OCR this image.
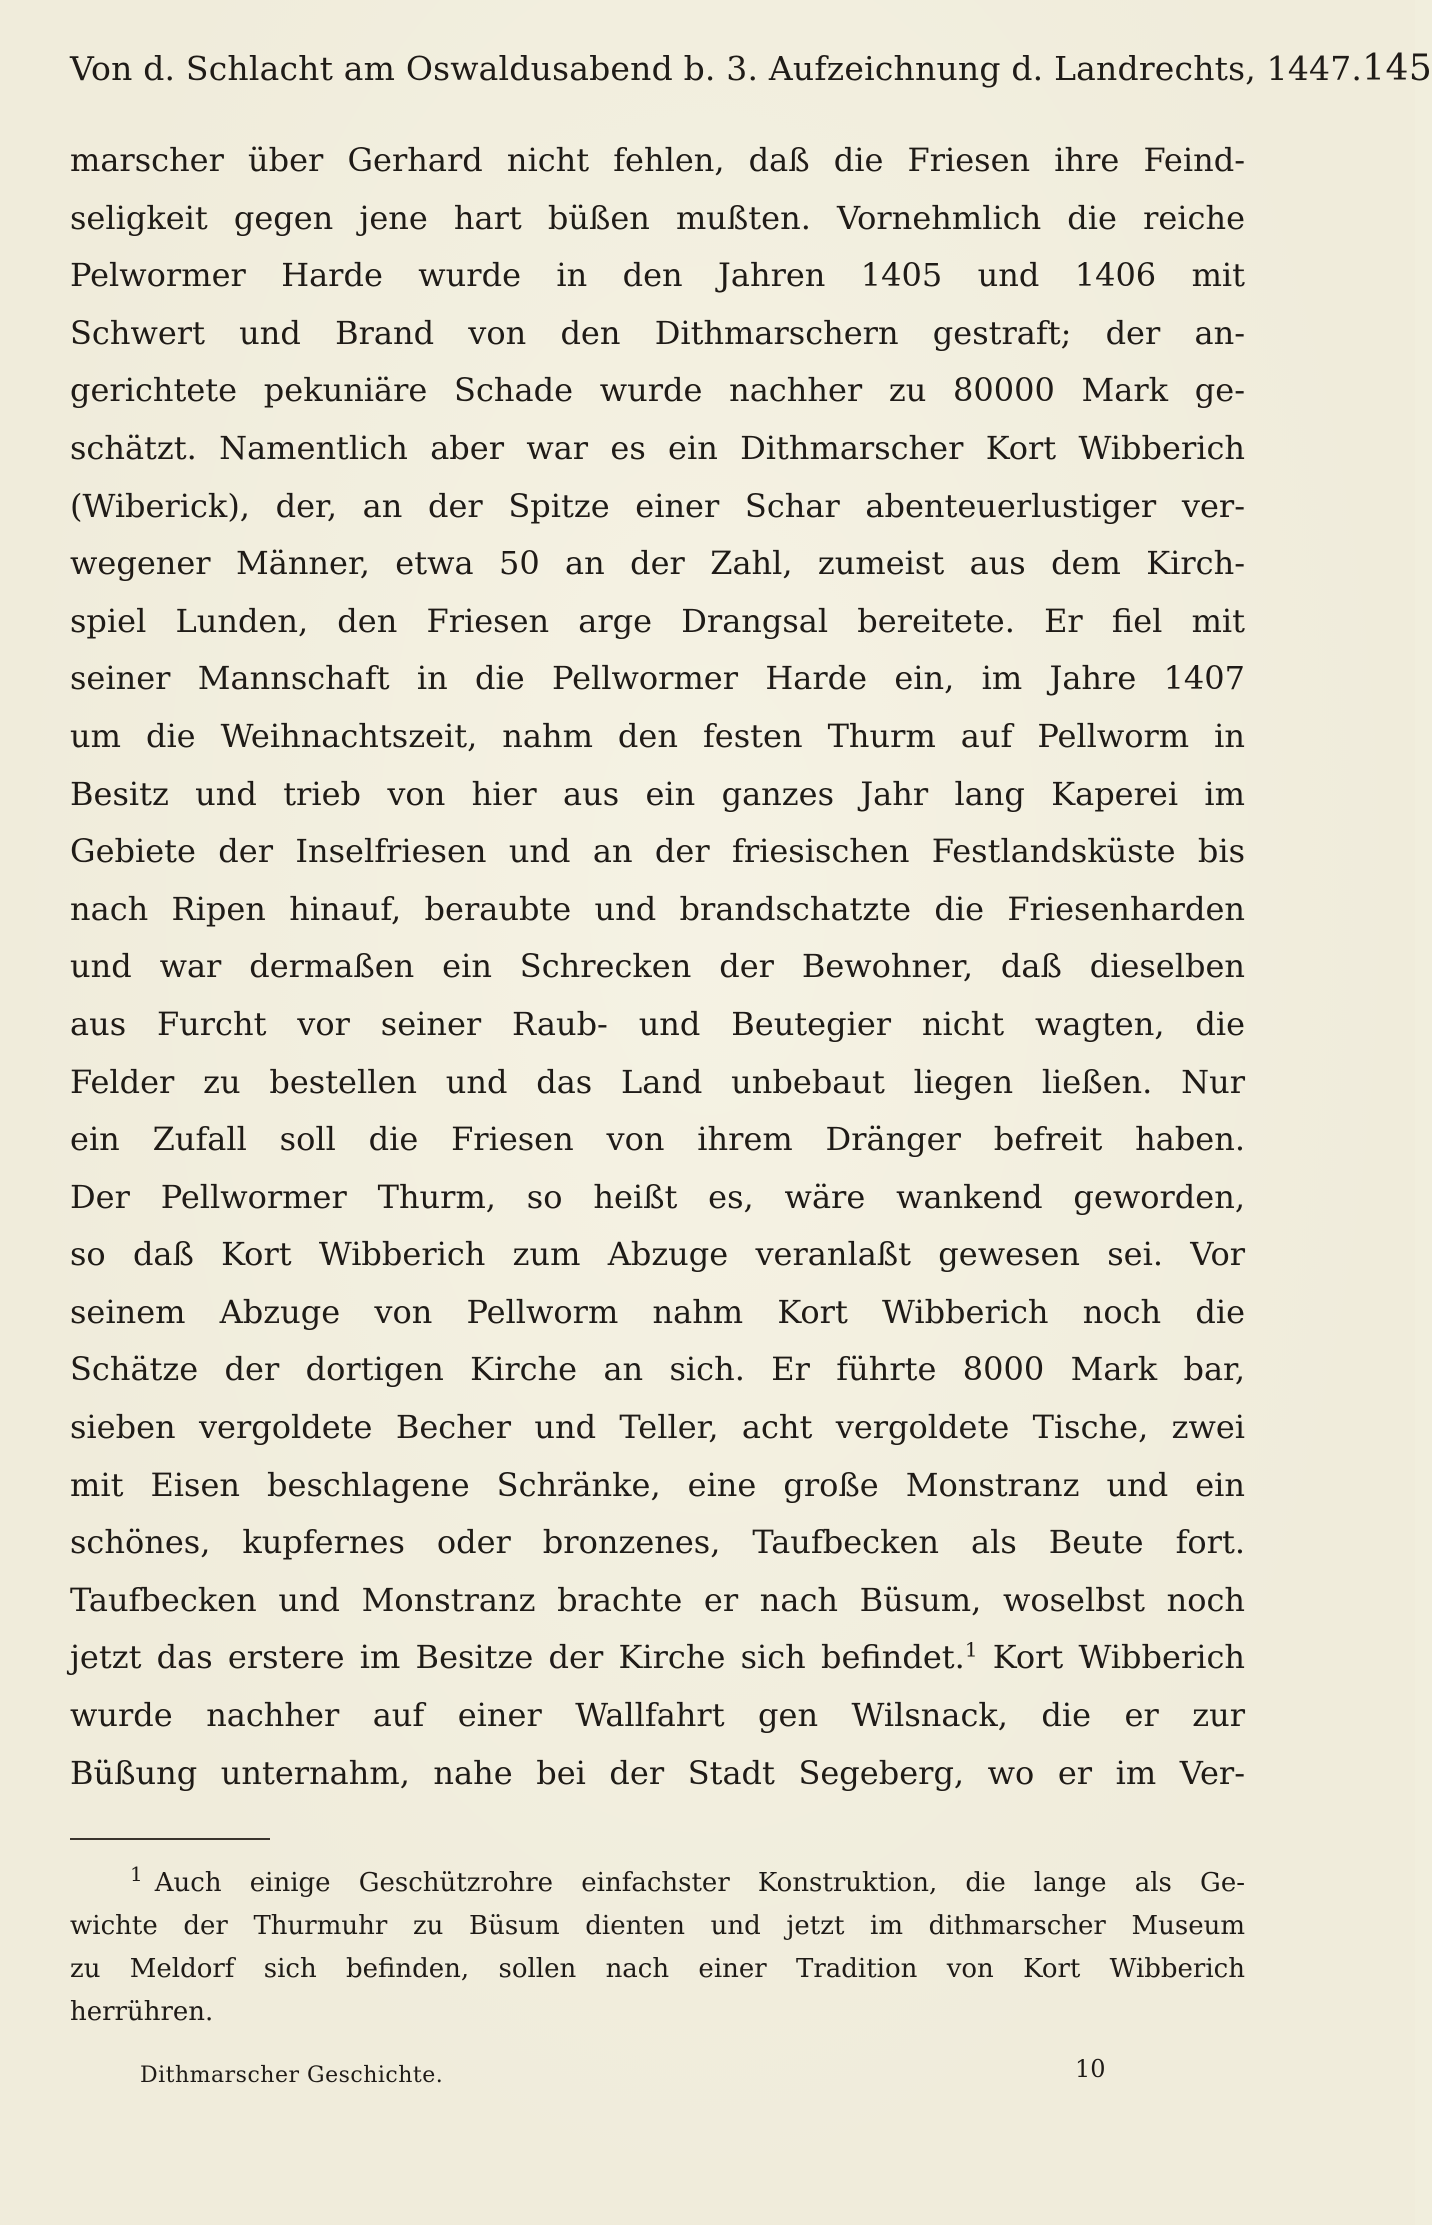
Von d. Schlacht am Oswaldusabend b. 3. Aufzeichnung d. Landrechts, 1447. 145
marscher über Gerhard nicht fehlen, daß die Friesen ihre Feind-
seligkeit gegen jene hart büßen mußten. Vornehmlich die reiche
Pelwormer Harde wurde in den Jahren 1405 und 1406 mit
Schwert und Brand von den Dithmarschern gestraft; der an-
gerichtete pekuniäre Schade wurde nachher zu 80000 Mark ge-
schätzt. Namentlich aber war es ein Dithmarscher Kort Wibberich
(Wiberick), der, an der Spitze einer Schar abenteuerlustiger ver-
wegener Männer, etwa 50 an der Zahl, zumeist aus dem Kirch-
spiel Lunden, den Friesen arge Drangsal bereitete. Er fiel mit
seiner Mannschaft in die Pellwormer Harde ein, im Jahre 1407
um die Weihnachtszeit, nahm den festen Thurm auf Pellworm in
Besitz und trieb von hier aus ein ganzes Jahr lang Kaperei im
Gebiete der Inselfriesen und an der friesischen Festlandsküste bis
nach Ripen hinauf, beraubte und brandschatzte die Friesenharden
und war dermaßen ein Schrecken der Bewohner, daß dieselben
aus Furcht vor seiner Raub- und Beutegier nicht wagten, die
Felder zu bestellen und das Land unbebaut liegen ließen. Nur
ein Zufall soll die Friesen von ihrem Dränger befreit haben.
Der Pellwormer Thurm, so heißt es, wäre wankend geworden,
so daß Kort Wibberich zum Abzuge veranlaßt gewesen sei. Vor
seinem Abzuge von Pellworm nahm Kort Wibberich noch die
Schätze der dortigen Kirche an sich. Er führte 8000 Mark bar,
sieben vergoldete Becher und Teller, acht vergoldete Tische, zwei
mit Eisen beschlagene Schränke, eine große Monstranz und ein
schönes, kupfernes oder bronzenes, Taufbecken als Beute fort.
Taufbecken und Monstranz brachte er nach Büsum, woselbst noch
jetzt das erstere im Besitze der Kirche sich befindet.$^1$ Kort Wibberich
wurde nachher auf einer Wallfahrt gen Wilsnack, die er zur
Büßung unternahm, nahe bei der Stadt Segeberg, wo er im Ver-
$^1$ Auch einige Geschützrohre einfachster Konstruktion, die lange als Ge-
wichte der Thurmuhr zu Büsum dienten und jetzt im dithmarscher Museum
zu Meldorf sich befinden, sollen nach einer Tradition von Kort Wibberich
herrühren.
Dithmarscher Geschichte.	10
